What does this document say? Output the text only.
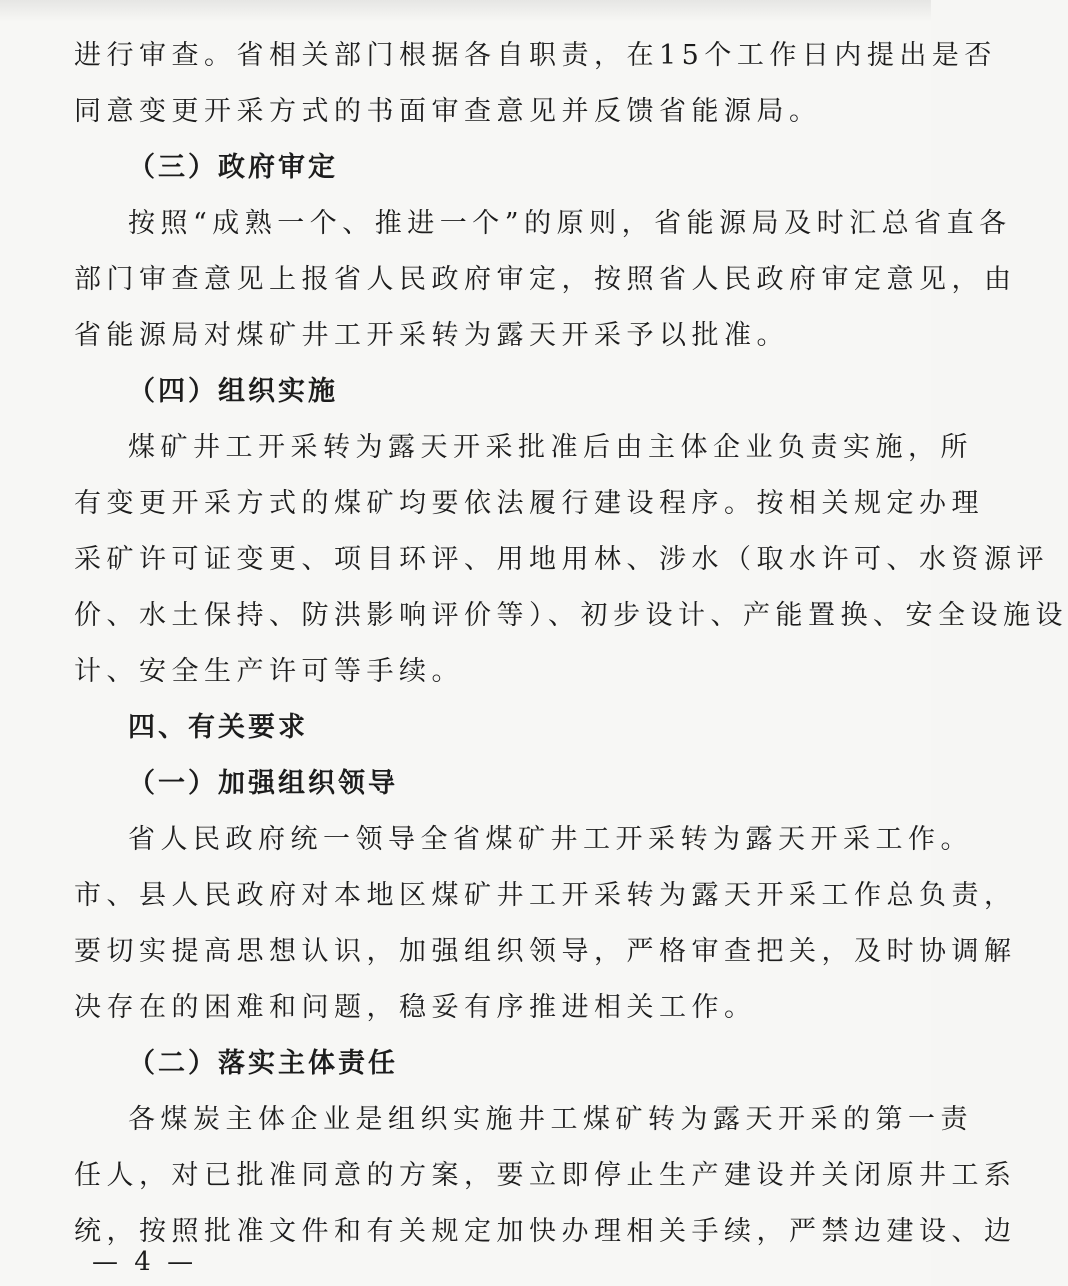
进行审查。省相关部门根据各自职责，在15个工作日内提出是否
同意变更开采方式的书面审查意见并反馈省能源局。
（三）政府审定
按照“成熟一个、推进一个”的原则，省能源局及时汇总省直各
部门审查意见上报省人民政府审定，按照省人民政府审定意见，由
省能源局对煤矿井工开采转为露天开采予以批准。
（四）组织实施
煤矿井工开采转为露天开采批准后由主体企业负责实施，所
有变更开采方式的煤矿均要依法履行建设程序。按相关规定办理
采矿许可证变更、项目环评、用地用林、涉水（取水许可、水资源评
价、水土保持、防洪影响评价等）、初步设计、产能置换、安全设施设
计、安全生产许可等手续。
四、有关要求
（一）加强组织领导
省人民政府统一领导全省煤矿井工开采转为露天开采工作。
市、县人民政府对本地区煤矿井工开采转为露天开采工作总负责，
要切实提高思想认识，加强组织领导，严格审查把关，及时协调解
决存在的困难和问题，稳妥有序推进相关工作。
（二）落实主体责任
各煤炭主体企业是组织实施井工煤矿转为露天开采的第一责
任人，对已批准同意的方案，要立即停止生产建设并关闭原井工系
统，按照批准文件和有关规定加快办理相关手续，严禁边建设、边
— 4 —
